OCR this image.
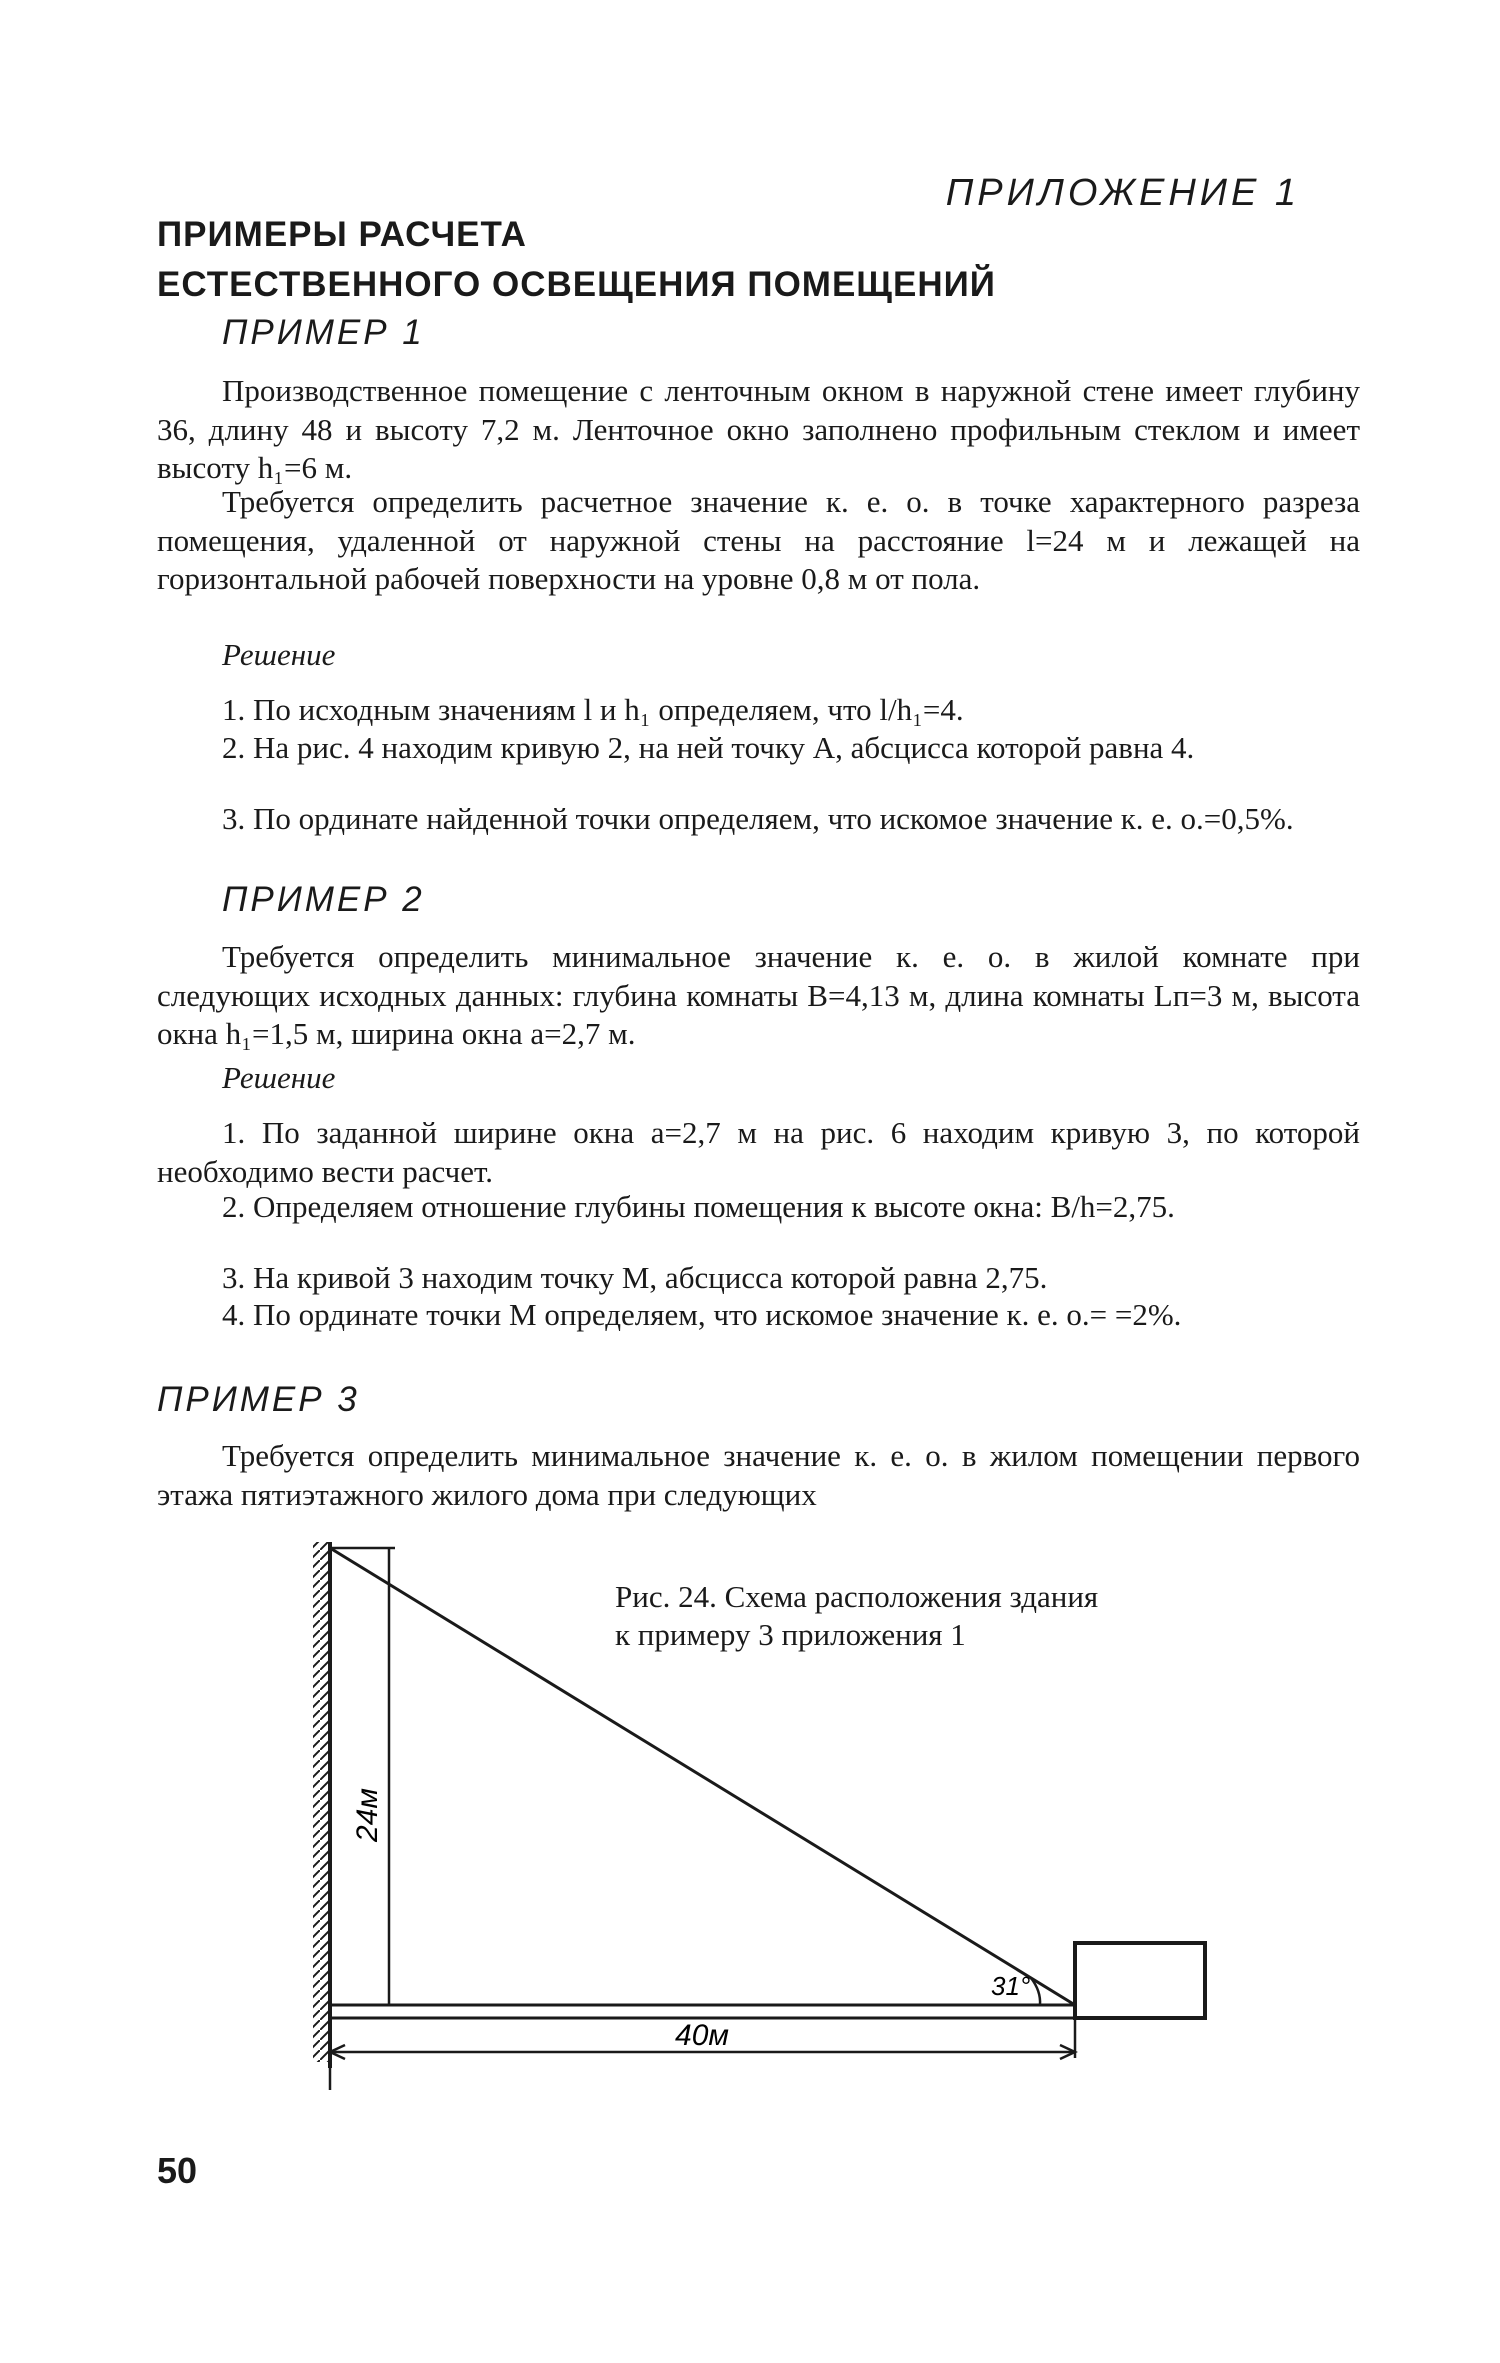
ПРИЛОЖЕНИЕ 1
ПРИМЕРЫ РАСЧЕТА
ЕСТЕСТВЕННОГО ОСВЕЩЕНИЯ ПОМЕЩЕНИЙ
ПРИМЕР 1

Производственное помещение с ленточным окном в наружной стене имеет глубину 36, длину 48 и высоту 7,2 м. Ленточное окно заполнено профильным стеклом и имеет высоту h₁=6 м.

Требуется определить расчетное значение к. е. о. в точке характерного разреза помещения, удаленной от наружной стены на расстояние l=24 м и лежащей на горизонтальной рабочей поверхности на уровне 0,8 м от пола.

Решение

1. По исходным значениям l и h₁ определяем, что l/h₁=4.

2. На рис. 4 находим кривую 2, на ней точку A, абсцисса которой равна 4.

3. По ординате найденной точки определяем, что искомое значение к. е. о.=0,5%.

ПРИМЕР 2

Требуется определить минимальное значение к. е. о. в жилой комнате при следующих исходных данных: глубина комнаты B=4,13 м, длина комнаты Lп=3 м, высота окна h₁=1,5 м, ширина окна a=2,7 м.

Решение

1. По заданной ширине окна a=2,7 м на рис. 6 находим кривую 3, по которой необходимо вести расчет.

2. Определяем отношение глубины помещения к высоте окна: B/h=2,75.

3. На кривой 3 находим точку M, абсцисса которой равна 2,75.

4. По ординате точки M определяем, что искомое значение к. е. о.= =2%.

ПРИМЕР 3

Требуется определить минимальное значение к. е. о. в жилом помещении первого этажа пятиэтажного жилого дома при следующих

24м
40м
31°
Рис. 24. Схема расположения здания
к примеру 3 приложения 1
50
